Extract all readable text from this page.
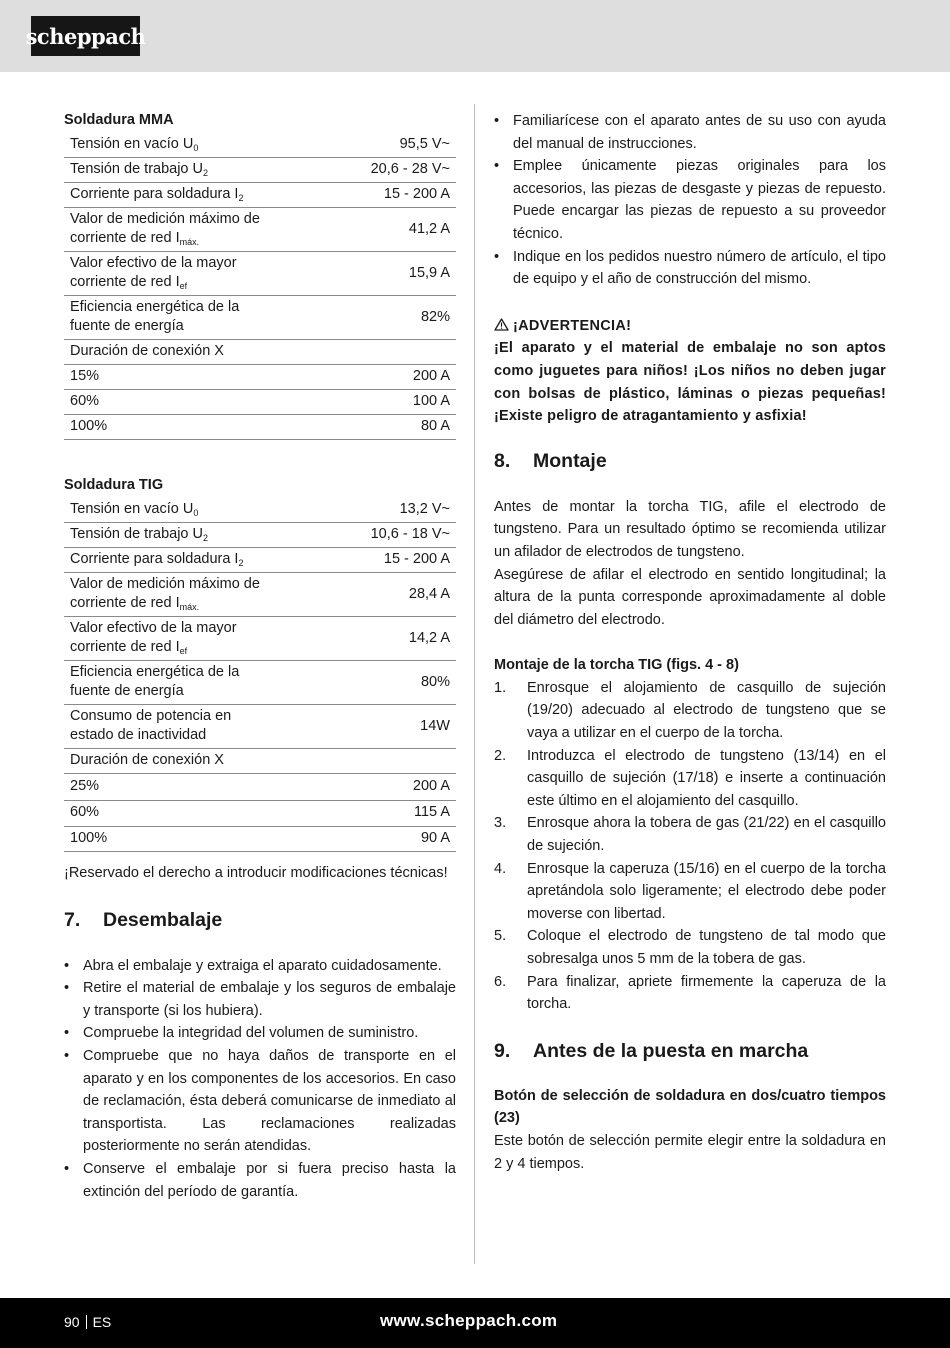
scheppach
Soldadura MMA
Tensión en vacío $U_0$	95,5 V~
Tensión de trabajo $U_2$	20,6 - 28 V~
Corriente para soldadura $I_2$	15 - 200 A
Valor de medición máximo de
corriente de red $I_{máx.}$	41,2 A
Valor efectivo de la mayor
corriente de red $I_{ef}$	15,9 A
Eficiencia energética de la
fuente de energía	82%
Duración de conexión X	
15%	200 A
60%	100 A
100%	80 A
Soldadura TIG
Tensión en vacío $U_0$	13,2 V~
Tensión de trabajo $U_2$	10,6 - 18 V~
Corriente para soldadura $I_2$	15 - 200 A
Valor de medición máximo de
corriente de red $I_{máx.}$	28,4 A
Valor efectivo de la mayor
corriente de red $I_{ef}$	14,2 A
Eficiencia energética de la
fuente de energía	80%
Consumo de potencia en
estado de inactividad	14W
Duración de conexión X	
25%	200 A
60%	115 A
100%	90 A

¡Reservado el derecho a introducir modificaciones técnicas!

7. Desembalaje
• Abra el embalaje y extraiga el aparato cuidadosamente.
• Retire el material de embalaje y los seguros de embalaje y transporte (si los hubiera).
• Compruebe la integridad del volumen de suministro.
• Compruebe que no haya daños de transporte en el aparato y en los componentes de los accesorios. En caso de reclamación, ésta deberá comunicarse de inmediato al transportista. Las reclamaciones realizadas posteriormente no serán atendidas.
• Conserve el embalaje por si fuera preciso hasta la extinción del período de garantía.
• Familiarícese con el aparato antes de su uso con ayuda del manual de instrucciones.
• Emplee únicamente piezas originales para los accesorios, las piezas de desgaste y piezas de repuesto. Puede encargar las piezas de repuesto a su proveedor técnico.
• Indique en los pedidos nuestro número de artículo, el tipo de equipo y el año de construcción del mismo.
¡ADVERTENCIA!
¡El aparato y el material de embalaje no son aptos como juguetes para niños! ¡Los niños no deben jugar con bolsas de plástico, láminas o piezas pequeñas! ¡Existe peligro de atragantamiento y asfixia!
8. Montaje

Antes de montar la torcha TIG, afile el electrodo de tungsteno. Para un resultado óptimo se recomienda utilizar un afilador de electrodos de tungsteno.

Asegúrese de afilar el electrodo en sentido longitudinal; la altura de la punta corresponde aproximadamente al doble del diámetro del electrodo.

Montaje de la torcha TIG (figs. 4 - 8)
1. Enrosque el alojamiento de casquillo de sujeción (19/20) adecuado al electrodo de tungsteno que se vaya a utilizar en el cuerpo de la torcha.
2. Introduzca el electrodo de tungsteno (13/14) en el casquillo de sujeción (17/18) e inserte a continuación este último en el alojamiento del casquillo.
3. Enrosque ahora la tobera de gas (21/22) en el casquillo de sujeción.
4. Enrosque la caperuza (15/16) en el cuerpo de la torcha apretándola solo ligeramente; el electrodo debe poder moverse con libertad.
5. Coloque el electrodo de tungsteno de tal modo que sobresalga unos 5 mm de la tobera de gas.
6. Para finalizar, apriete firmemente la caperuza de la torcha.
9. Antes de la puesta en marcha
Botón de selección de soldadura en dos/cuatro tiempos (23)

Este botón de selección permite elegir entre la soldadura en 2 y 4 tiempos.

90 ES	www.scheppach.com
